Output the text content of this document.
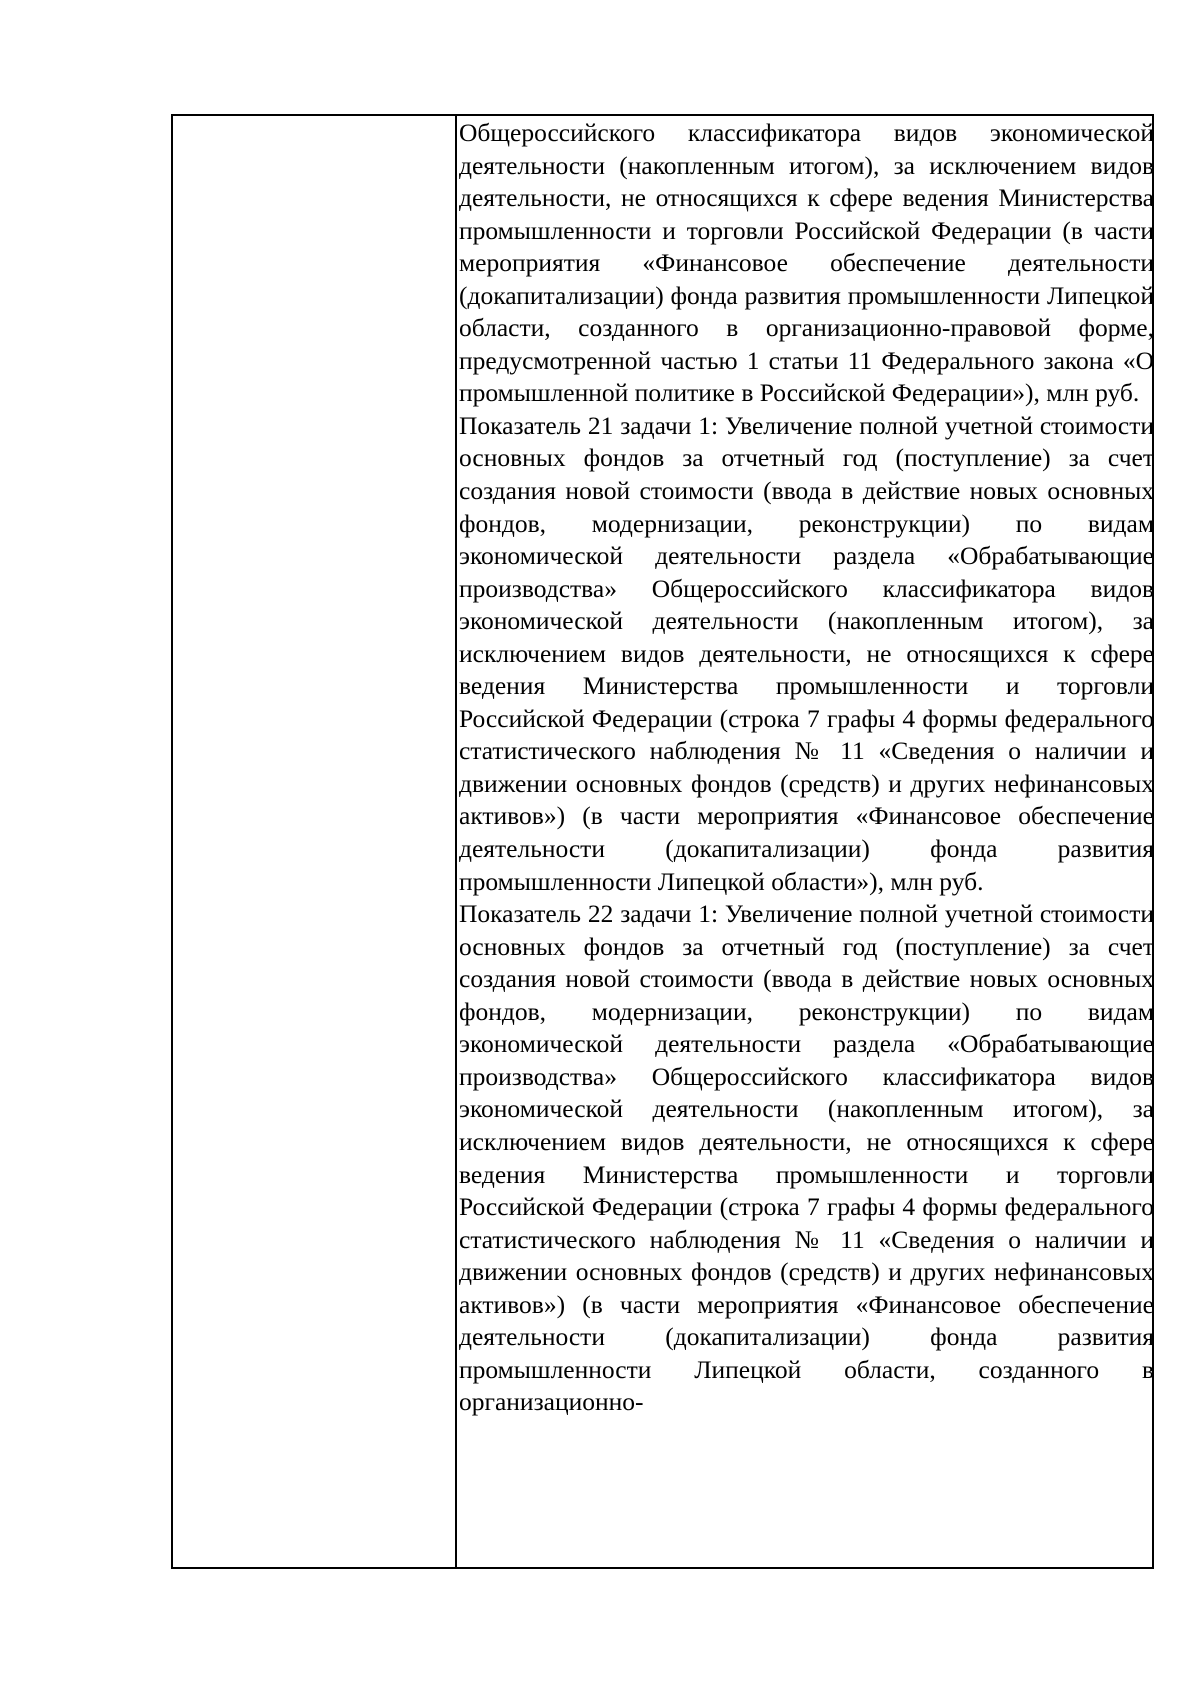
Общероссийского классификатора видов экономической деятельности (накопленным итогом), за исключением видов деятельности, не относящихся к сфере ведения Министерства промышленности и торговли Российской Федерации (в части мероприятия «Финансовое обеспечение деятельности (докапитализации) фонда развития промышленности Липецкой области, созданного в организационно-правовой форме, предусмотренной частью 1 статьи 11 Федерального закона «О промышленной политике в Российской Федерации»), млн руб.

Показатель 21 задачи 1: Увеличение полной учетной стоимости основных фондов за отчетный год (поступление) за счет создания новой стоимости (ввода в действие новых основных фондов, модернизации, реконструкции) по видам экономической деятельности раздела «Обрабатывающие производства» Общероссийского классификатора видов экономической деятельности (накопленным итогом), за исключением видов деятельности, не относящихся к сфере ведения Министерства промышленности и торговли Российской Федерации (строка 7 графы 4 формы федерального статистического наблюдения № 11 «Сведения о наличии и движении основных фондов (средств) и других нефинансовых активов») (в части мероприятия «Финансовое обеспечение деятельности (докапитализации) фонда развития промышленности Липецкой области»), млн руб.

Показатель 22 задачи 1: Увеличение полной учетной стоимости основных фондов за отчетный год (поступление) за счет создания новой стоимости (ввода в действие новых основных фондов, модернизации, реконструкции) по видам экономической деятельности раздела «Обрабатывающие производства» Общероссийского классификатора видов экономической деятельности (накопленным итогом), за исключением видов деятельности, не относящихся к сфере ведения Министерства промышленности и торговли Российской Федерации (строка 7 графы 4 формы федерального статистического наблюдения № 11 «Сведения о наличии и движении основных фондов (средств) и других нефинансовых активов») (в части мероприятия «Финансовое обеспечение деятельности (докапитализации) фонда развития промышленности Липецкой области, созданного в организационно-
